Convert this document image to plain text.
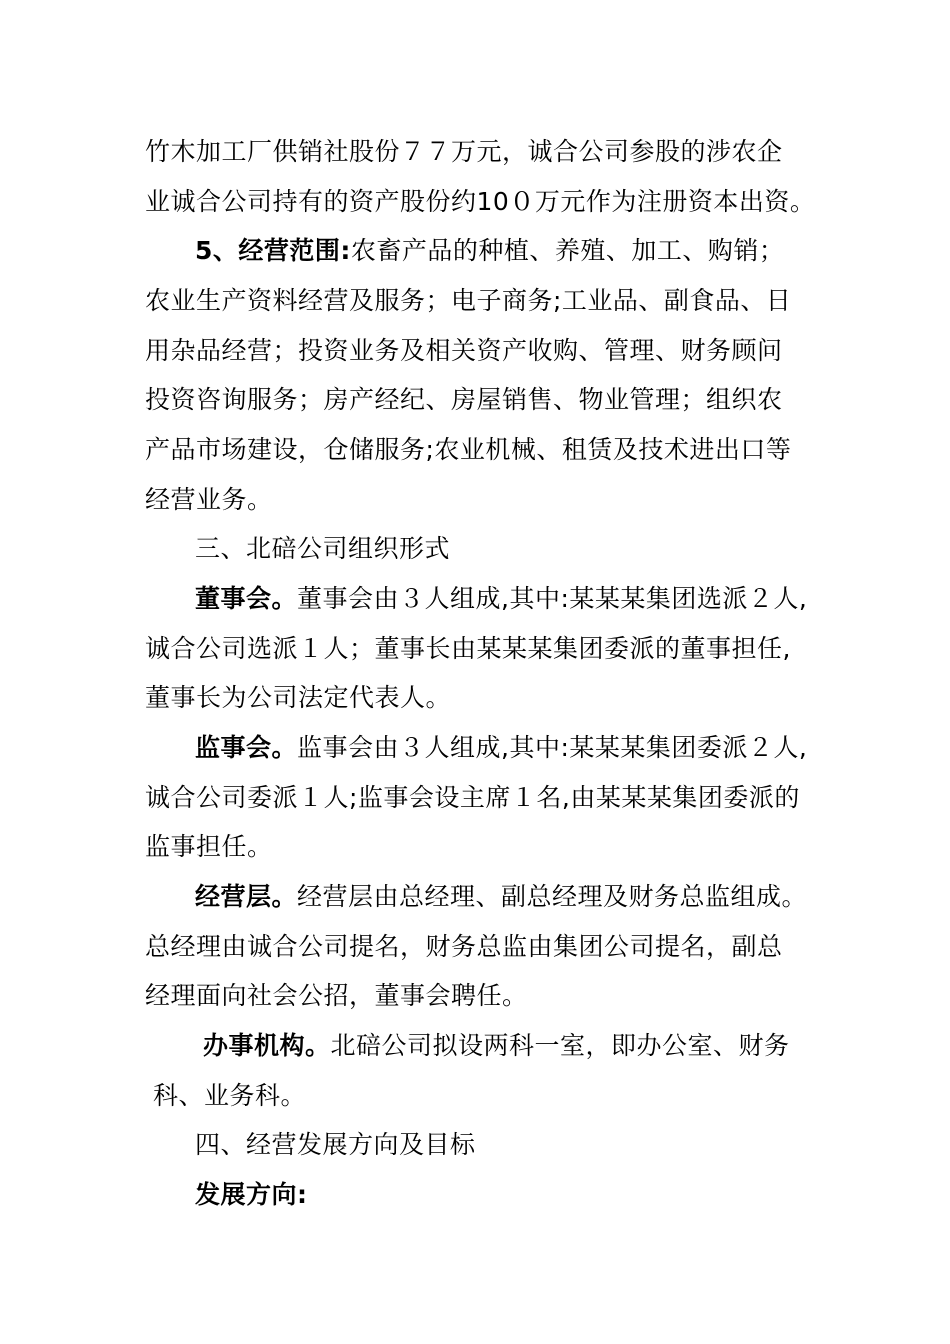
竹木加工厂供销社股份７７万元，诚合公司参股的涉农企
业诚合公司持有的资产股份约10０万元作为注册资本出资。
5、经营范围:农畜产品的种植、养殖、加工、购销；
农业生产资料经营及服务；电子商务;工业品、副食品、日
用杂品经营；投资业务及相关资产收购、管理、财务顾问
投资咨询服务；房产经纪、房屋销售、物业管理；组织农
产品市场建设，仓储服务;农业机械、租赁及技术进出口等
经营业务。
三、北碚公司组织形式
董事会。董事会由３人组成,其中:某某某集团选派２人,
诚合公司选派１人；董事长由某某某集团委派的董事担任,
董事长为公司法定代表人。
监事会。监事会由３人组成,其中:某某某集团委派２人,
诚合公司委派１人;监事会设主席１名,由某某某集团委派的
监事担任。
经营层。经营层由总经理、副总经理及财务总监组成。
总经理由诚合公司提名，财务总监由集团公司提名，副总
经理面向社会公招，董事会聘任。
办事机构。北碚公司拟设两科一室，即办公室、财务
科、业务科。
四、经营发展方向及目标
发展方向:
